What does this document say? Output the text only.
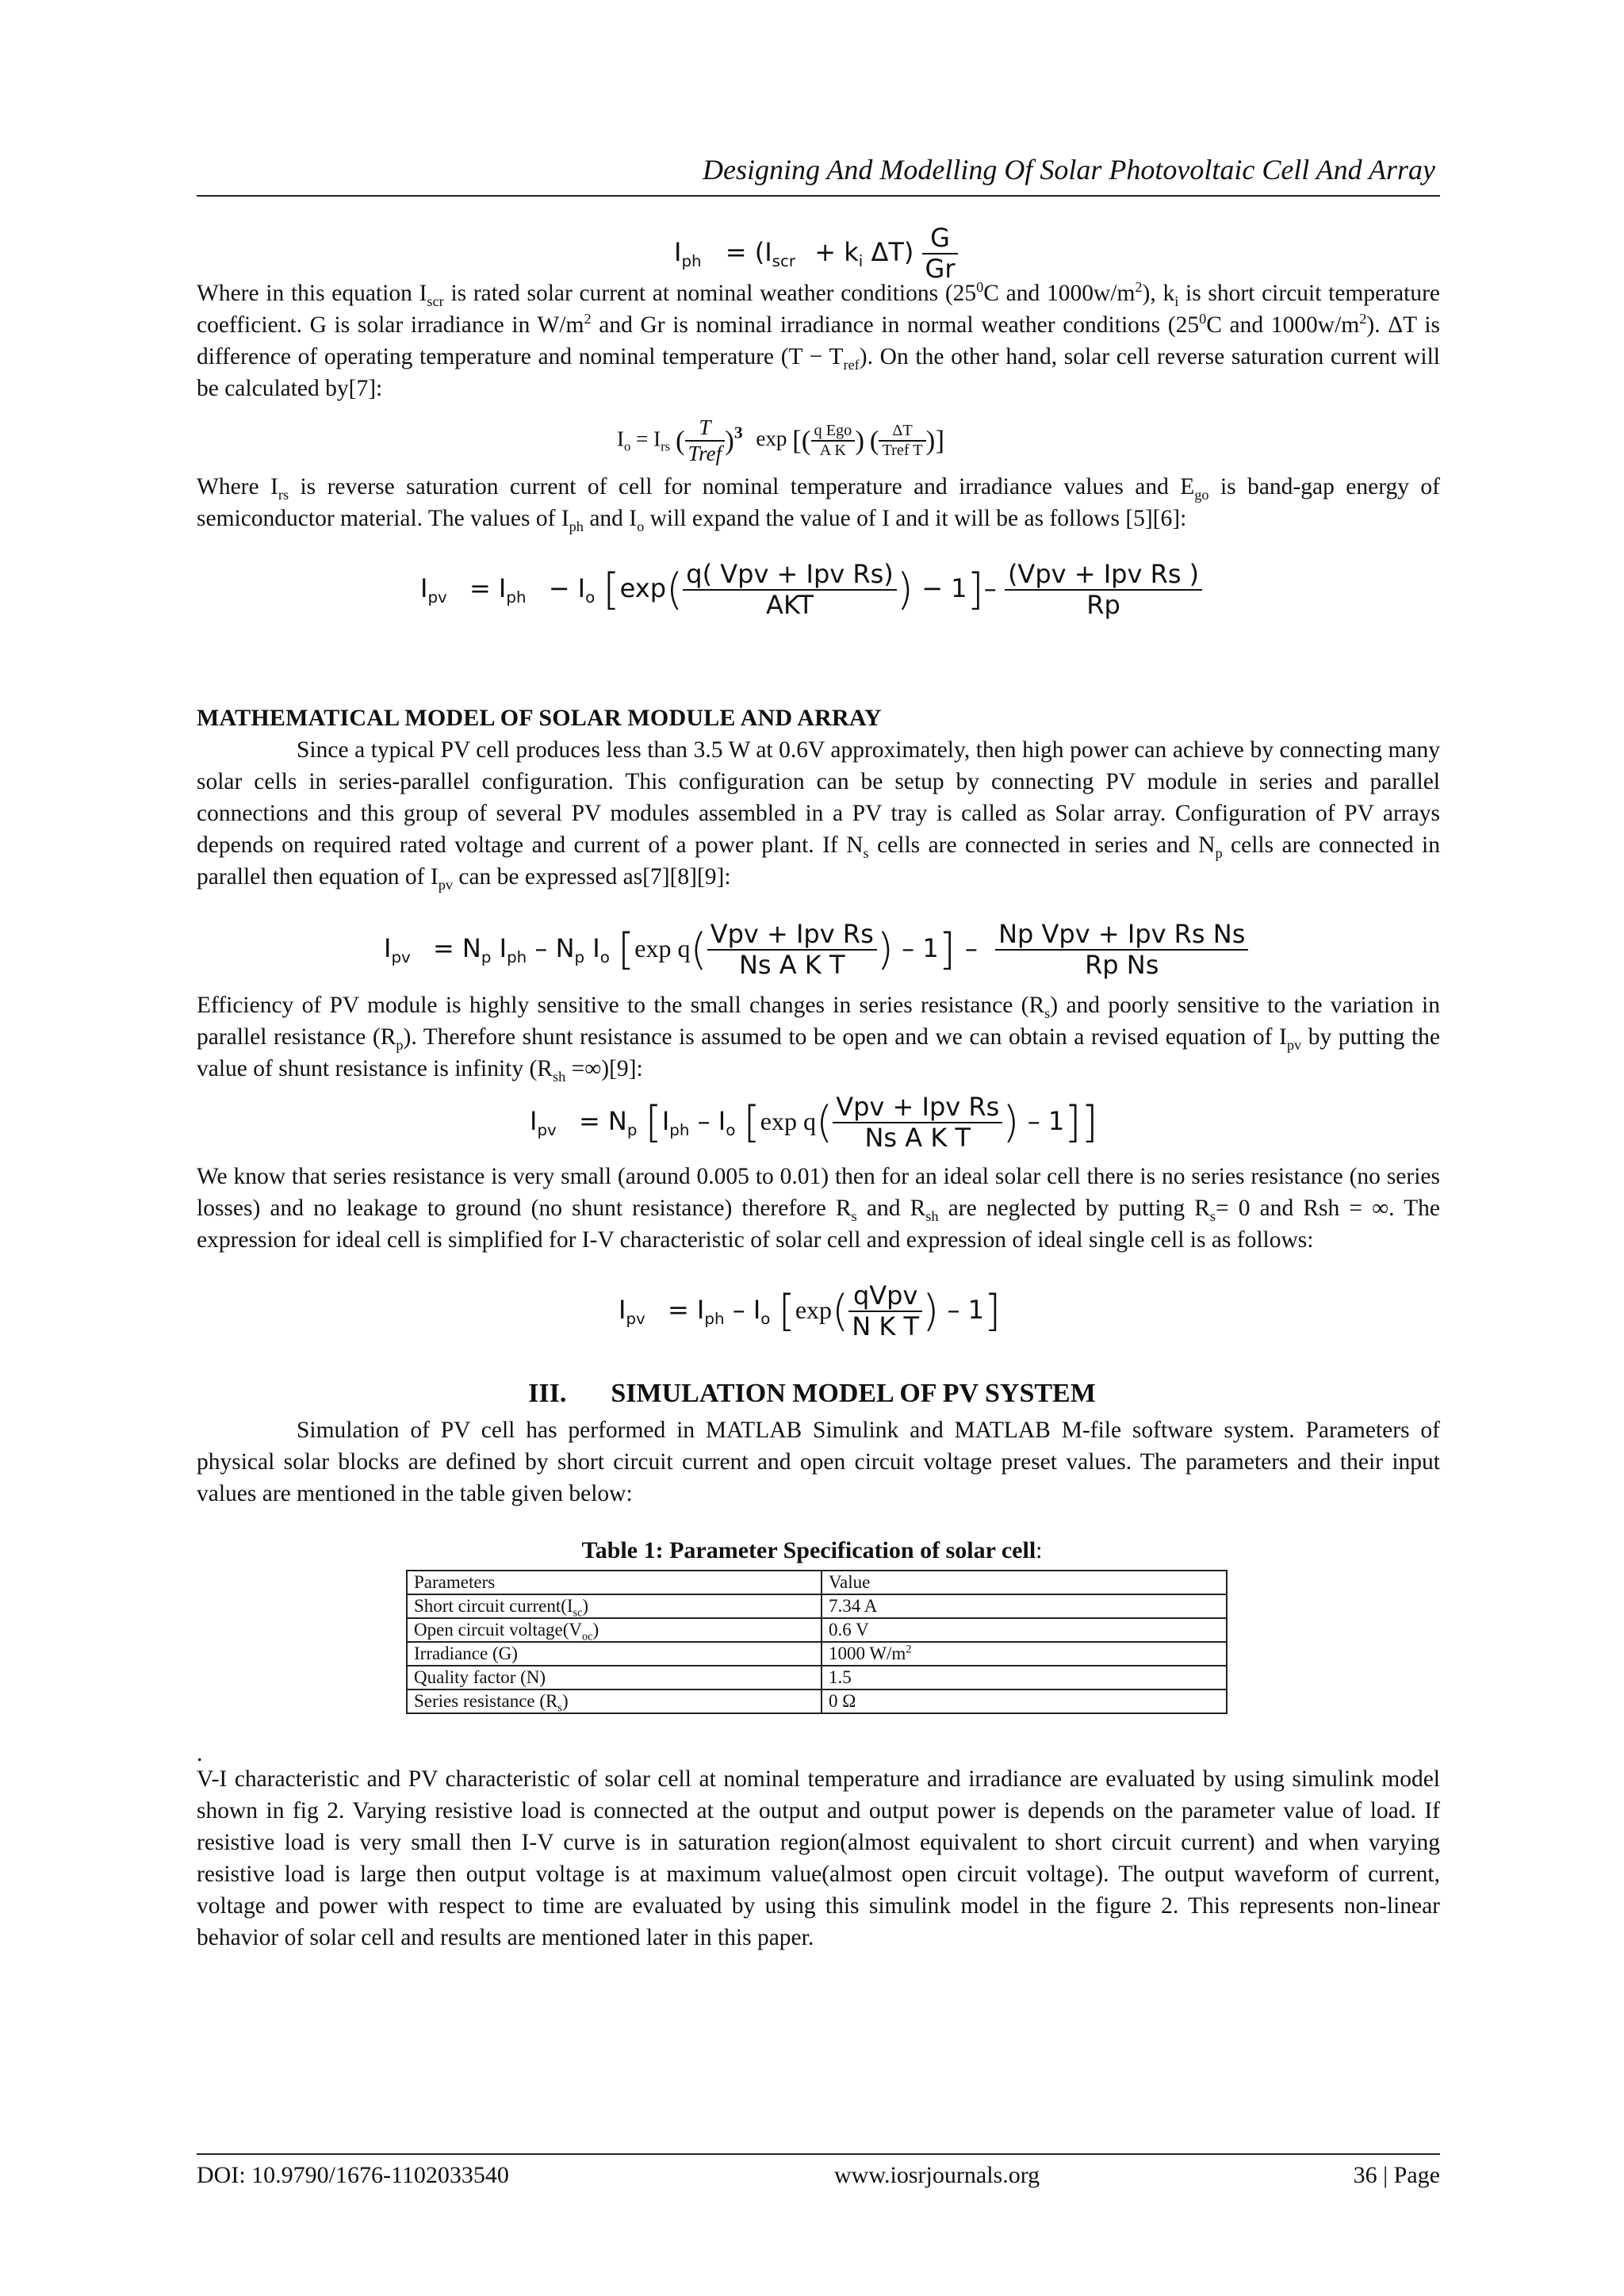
Designing And Modelling Of Solar Photovoltaic Cell And Array
$I_{ph} = (I_{scr} + k_i$ $\Delta T) \frac{G}{Gr}$
Where in this equation $I_{scr}$ is rated solar current at nominal weather conditions ($25^0C$ and $1000w/m^2$), $k_i$ is short circuit temperature coefficient. G is solar irradiance in $W/m^2$ and Gr is nominal irradiance in normal weather conditions ($25^0C$ and $1000w/m^2$). ΔT is difference of operating temperature and nominal temperature $(T - T_{ref})$. On the other hand, solar cell reverse saturation current will be calculated by[7]:
$I_o = I_{rs}$ ( $\frac{T}{\text{Tref}} )^3$ exp [( $\frac{\text{q Ego}}{\text{A K}}$ ) ( $\frac{\Delta T}{\text{Tref T}}$ )]
Where $I_{rs}$ is reverse saturation current of cell for nominal temperature and irradiance values and $E_{go}$ is band-gap energy of semiconductor material. The values of $I_{ph}$ and $I_o$ will expand the value of I and it will be as follows [5][6]:
$I_{pv} = I_{ph} - I_o$ [$\exp( \frac{\text{q( Vpv + Ipv Rs)}}{\text{AKT}}$ ) − $1]- \frac{\text{(Vpv + Ipv Rs )}}{Rp}$
MATHEMATICAL MODEL OF SOLAR MODULE AND ARRAY
Since a typical PV cell produces less than 3.5 W at 0.6V approximately, then high power can achieve by connecting many solar cells in series-parallel configuration. This configuration can be setup by connecting PV module in series and parallel connections and this group of several PV modules assembled in a PV tray is called as Solar array. Configuration of PV arrays depends on required rated voltage and current of a power plant. If $N_s$ cells are connected in series and $N_p$ cells are connected in parallel then equation of $I_{pv}$ can be expressed as[7][8][9]:
$I_{pv} = N_p$ $I_{ph} - N_p$ $I_o$ [exp $q( \frac{\text{Vpv + Ipv Rs}}{\text{Ns A K T}}$ ) – $1] - \frac{\text{Np Vpv + Ipv Rs Ns}}{\text{Rp Ns}}$
Efficiency of PV module is highly sensitive to the small changes in series resistance $(R_s)$ and poorly sensitive to the variation in parallel resistance $(R_p)$. Therefore shunt resistance is assumed to be open and we can obtain a revised equation of $I_{pv}$ by putting the value of shunt resistance is infinity $(R_{sh} =\infty)[9]$:
$I_{pv} = N_p$ [$I_{ph} - I_o$ [exp $q( \frac{\text{Vpv + Ipv Rs}}{\text{Ns A K T}}$ ) – 1]]
We know that series resistance is very small (around 0.005 to 0.01) then for an ideal solar cell there is no series resistance (no series losses) and no leakage to ground (no shunt resistance) therefore $R_s$ and $R_{sh}$ are neglected by putting $R_s= 0$ and Rsh = ∞. The expression for ideal cell is simplified for I-V characteristic of solar cell and expression of ideal single cell is as follows:
$I_{pv} = I_{ph} - I_o$ [$\exp( \frac{\text{qVpv}}{\text{N K T}}$ ) – 1]
III. SIMULATION MODEL OF PV SYSTEM
Simulation of PV cell has performed in MATLAB Simulink and MATLAB M-file software system. Parameters of physical solar blocks are defined by short circuit current and open circuit voltage preset values. The parameters and their input values are mentioned in the table given below:
Table 1: Parameter Specification of solar cell:
Parameters	Value
Short circuit $current(I_{sc})$	7.34 A
Open circuit $voltage(V_{oc})$	0.6 V
Irradiance (G)	1000 $W/m^2$
Quality factor (N)	1.5
Series resistance $(R_s)$	0 Ω
.
V-I characteristic and PV characteristic of solar cell at nominal temperature and irradiance are evaluated by using simulink model shown in fig 2. Varying resistive load is connected at the output and output power is depends on the parameter value of load. If resistive load is very small then I-V curve is in saturation region(almost equivalent to short circuit current) and when varying resistive load is large then output voltage is at maximum value(almost open circuit voltage). The output waveform of current, voltage and power with respect to time are evaluated by using this simulink model in the figure 2. This represents non-linear behavior of solar cell and results are mentioned later in this paper.
DOI: 10.9790/1676-1102033540	www.iosrjournals.org	36 | Page
